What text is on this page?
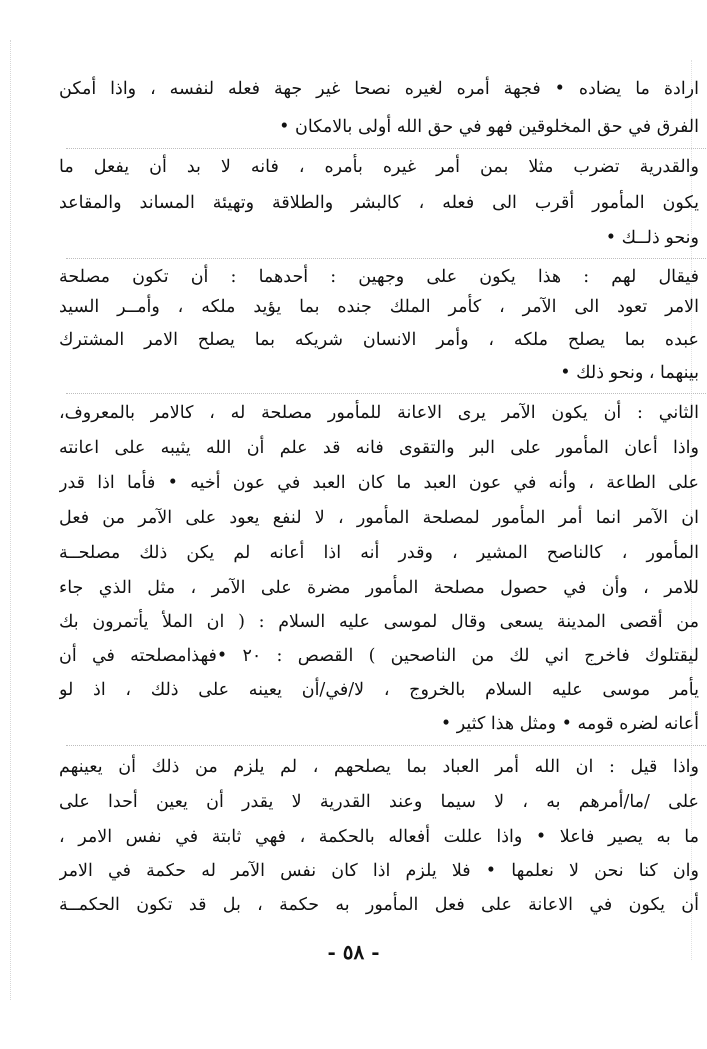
ارادة ما يضاده • فجهة أمره لغيره نصحا غير جهة فعله لنفسه ، واذا أمكن
الفرق في حق المخلوقين فهو في حق الله أولى بالامكان •
والقدرية تضرب مثلا بمن أمر غيره بأمره ، فانه لا بد أن يفعل ما
يكون المأمور أقرب الى فعله ، كالبشر والطلاقة وتهيئة المساند والمقاعد
ونحو ذلــك •
فيقال لهم : هذا يكون على وجهين : أحدهما : أن تكون مصلحة
الامر تعود الى الآمر ، كأمر الملك جنده بما يؤيد ملكه ، وأمــر السيد
عبده بما يصلح ملكه ، وأمر الانسان شريكه بما يصلح الامر المشترك
بينهما ، ونحو ذلك •
الثاني : أن يكون الآمر يرى الاعانة للمأمور مصلحة له ، كالامر بالمعروف،
واذا أعان المأمور على البر والتقوى فانه قد علم أن الله يثيبه على اعانته
على الطاعة ، وأنه في عون العبد ما كان العبد في عون أخيه • فأما اذا قدر
ان الآمر انما أمر المأمور لمصلحة المأمور ، لا لنفع يعود على الآمر من فعل
المأمور ، كالناصح المشير ، وقدر أنه اذا أعانه لم يكن ذلك مصلحــة
للامر ، وأن في حصول مصلحة المأمور مضرة على الآمر ، مثل الذي جاء
من أقصى المدينة يسعى وقال لموسى عليه السلام : ( ان الملأ يأتمرون بك
ليقتلوك فاخرج اني لك من الناصحين ) القصص : ٢٠ •فهذامصلحته في أن
يأمر موسى عليه السلام بالخروج ، لا/في/أن يعينه على ذلك ، اذ لو
أعانه لضره قومه • ومثل هذا كثير •
واذا قيل : ان الله أمر العباد بما يصلحهم ، لم يلزم من ذلك أن يعينهم
على /ما/أمرهم به ، لا سيما وعند القدرية لا يقدر أن يعين أحدا على
ما به يصير فاعلا • واذا عللت أفعاله بالحكمة ، فهي ثابتة في نفس الامر ،
وان كنا نحن لا نعلمها • فلا يلزم اذا كان نفس الآمر له حكمة في الامر
أن يكون في الاعانة على فعل المأمور به حكمة ، بل قد تكون الحكمــة
- ٥٨ -
